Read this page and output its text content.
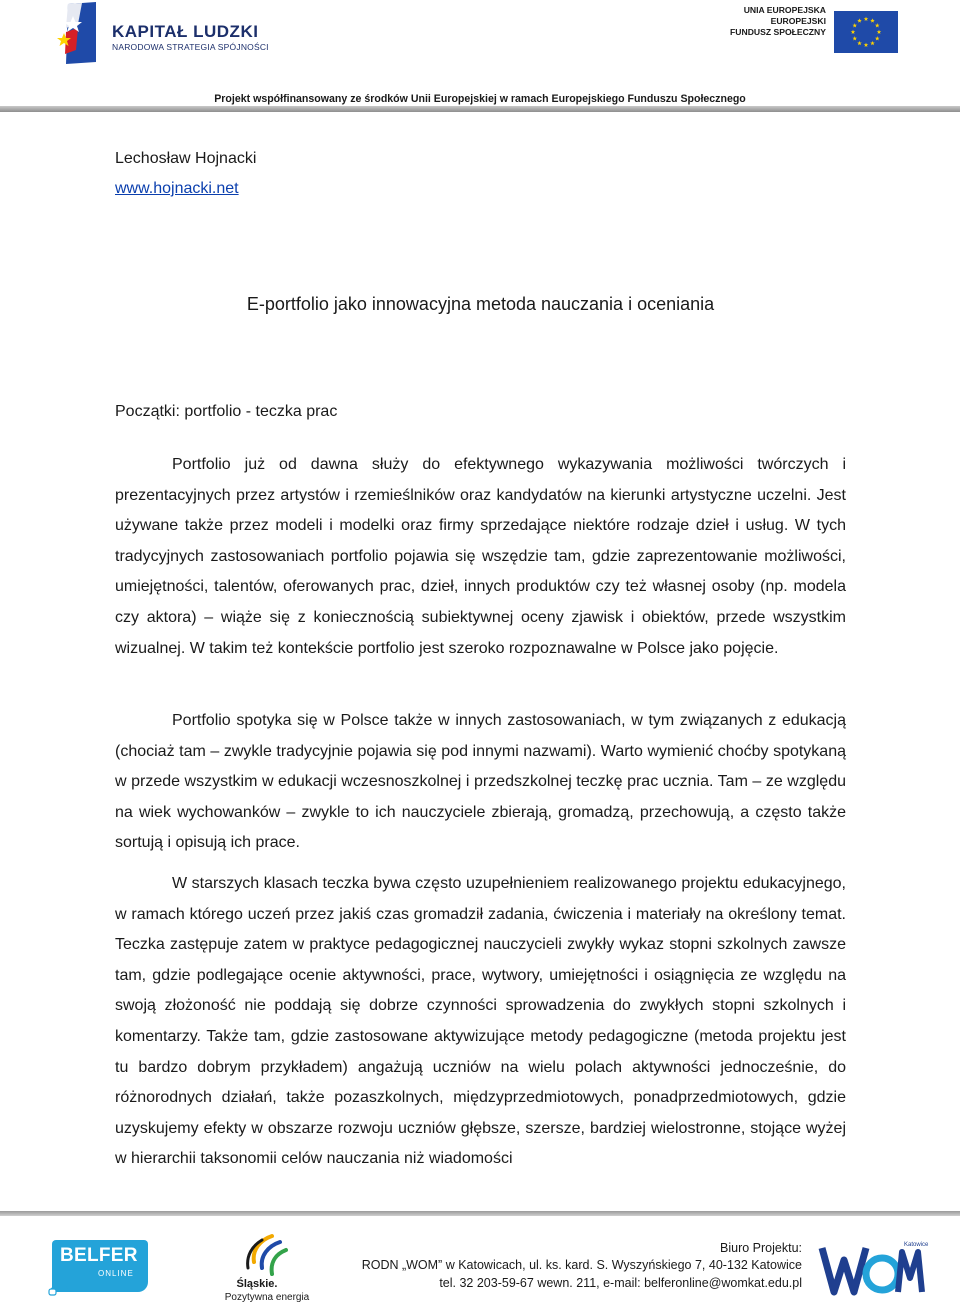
KAPITAŁ LUDZKI
NARODOWA STRATEGIA SPÓJNOŚCI
UNIA EUROPEJSKA
EUROPEJSKI
FUNDUSZ SPOŁECZNY
Projekt współfinansowany ze środków Unii Europejskiej w ramach Europejskiego Funduszu Społecznego
Lechosław Hojnacki
www.hojnacki.net
E-portfolio jako innowacyjna metoda nauczania i oceniania
Początki: portfolio - teczka prac

Portfolio już od dawna służy do efektywnego wykazywania możliwości twórczych i prezentacyjnych przez artystów i rzemieślników oraz kandydatów na kierunki artystyczne uczelni. Jest używane także przez modeli i modelki oraz firmy sprzedające niektóre rodzaje dzieł i usług. W tych tradycyjnych zastosowaniach portfolio pojawia się wszędzie tam, gdzie zaprezentowanie możliwości, umiejętności, talentów, oferowanych prac, dzieł, innych produktów czy też własnej osoby (np. modela czy aktora) – wiąże się z koniecznością subiektywnej oceny zjawisk i obiektów, przede wszystkim wizualnej. W takim też kontekście portfolio jest szeroko rozpoznawalne w Polsce jako pojęcie.

Portfolio spotyka się w Polsce także w innych zastosowaniach, w tym związanych z edukacją (chociaż tam – zwykle tradycyjnie pojawia się pod innymi nazwami). Warto wymienić choćby spotykaną w przede wszystkim w edukacji wczesnoszkolnej i przedszkolnej teczkę prac ucznia. Tam – ze względu na wiek wychowanków – zwykle to ich nauczyciele zbierają, gromadzą, przechowują, a często także sortują i opisują ich prace.

W starszych klasach teczka bywa często uzupełnieniem realizowanego projektu edukacyjnego, w ramach którego uczeń przez jakiś czas gromadził zadania, ćwiczenia i materiały na określony temat. Teczka zastępuje zatem w praktyce pedagogicznej nauczycieli zwykły wykaz stopni szkolnych zawsze tam, gdzie podlegające ocenie aktywności, prace, wytwory, umiejętności i osiągnięcia ze względu na swoją złożoność nie poddają się dobrze czynności sprowadzenia do zwykłych stopni szkolnych i komentarzy. Także tam, gdzie zastosowane aktywizujące metody pedagogiczne (metoda projektu jest tu bardzo dobrym przykładem) angażują uczniów na wielu polach aktywności jednocześnie, do różnorodnych działań, także pozaszkolnych, międzyprzedmiotowych, ponadprzedmiotowych, gdzie uzyskujemy efekty w obszarze rozwoju uczniów głębsze, szersze, bardziej wielostronne, stojące wyżej w hierarchii taksonomii celów nauczania niż wiadomości

BELFER
ONLINE
Śląskie.
Pozytywna energia
Biuro Projektu:
RODN „WOM” w Katowicach, ul. ks. kard. S. Wyszyńskiego 7, 40-132 Katowice
tel. 32 203-59-67 wewn. 211, e-mail: belferonline@womkat.edu.pl
Katowice
